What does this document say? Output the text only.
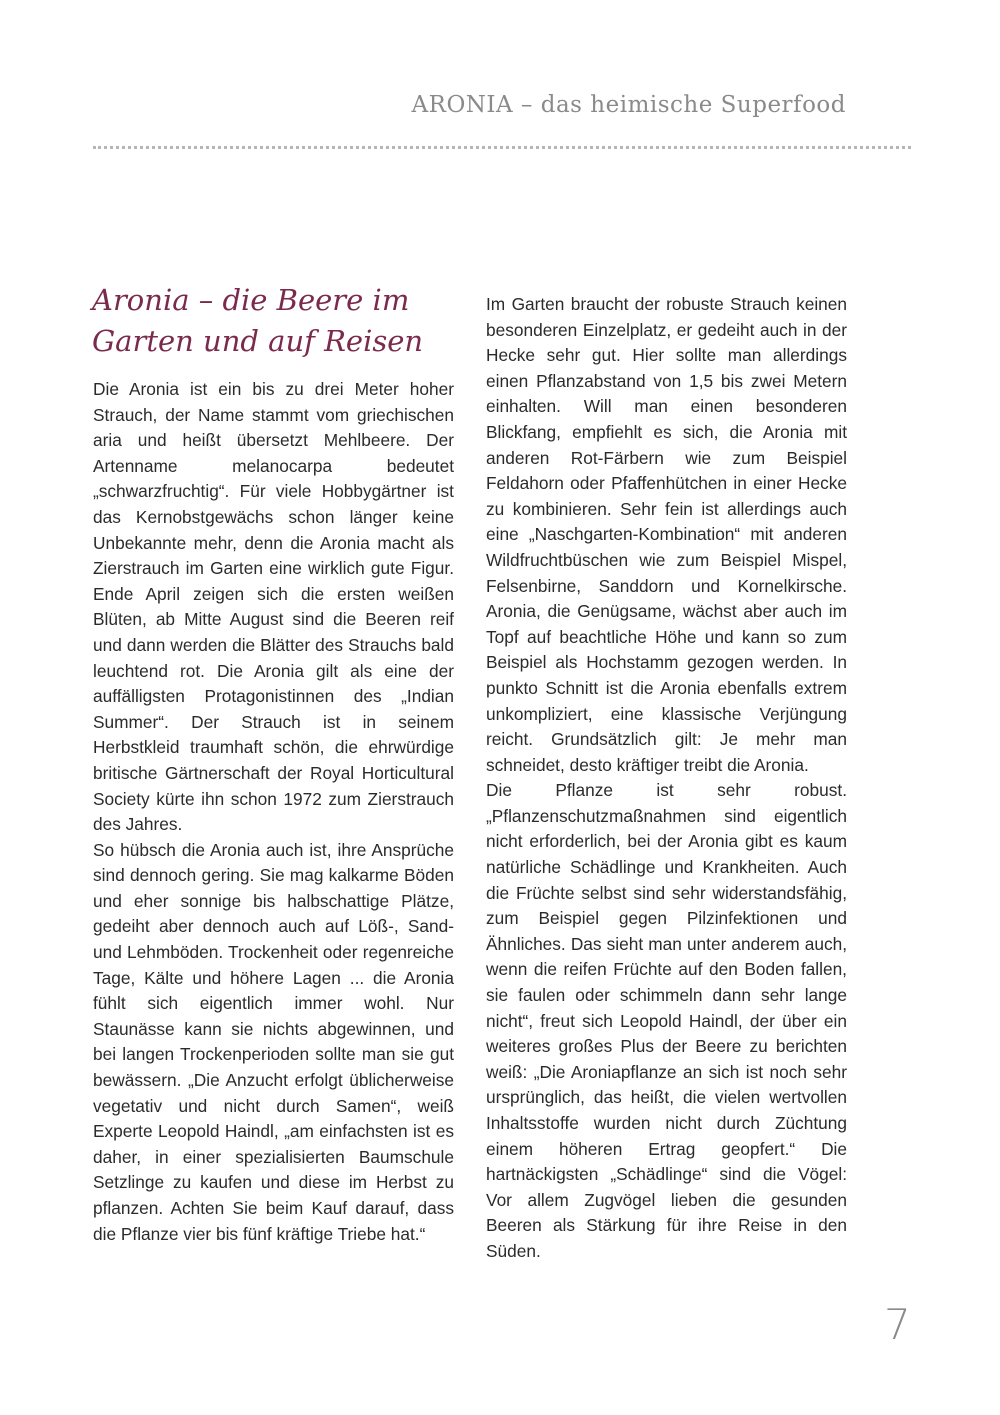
ARONIA – das heimische Superfood
Aronia – die Beere im Garten und auf Reisen

Die Aronia ist ein bis zu drei Meter hoher Strauch, der Name stammt vom griechischen aria und heißt übersetzt Mehlbeere. Der Artenname melanocarpa bedeutet „schwarzfruchtig“. Für viele Hobbygärtner ist das Kernobstgewächs schon länger keine Unbekannte mehr, denn die Aronia macht als Zierstrauch im Garten eine wirklich gute Figur. Ende April zeigen sich die ersten weißen Blüten, ab Mitte August sind die Beeren reif und dann werden die Blätter des Strauchs bald leuchtend rot. Die Aronia gilt als eine der auffälligsten Protagonistinnen des „Indian Summer“. Der Strauch ist in seinem Herbstkleid traumhaft schön, die ehrwürdige britische Gärtnerschaft der Royal Horticultural Society kürte ihn schon 1972 zum Zierstrauch des Jahres.

So hübsch die Aronia auch ist, ihre Ansprüche sind dennoch gering. Sie mag kalkarme Böden und eher sonnige bis halbschattige Plätze, gedeiht aber dennoch auch auf Löß-, Sand- und Lehmböden. Trockenheit oder regenreiche Tage, Kälte und höhere Lagen ... die Aronia fühlt sich eigentlich immer wohl. Nur Staunässe kann sie nichts abgewinnen, und bei langen Trockenperioden sollte man sie gut bewässern. „Die Anzucht erfolgt üblicherweise vegetativ und nicht durch Samen“, weiß Experte Leopold Haindl, „am einfachsten ist es daher, in einer spezialisierten Baumschule Setzlinge zu kaufen und diese im Herbst zu pflanzen. Achten Sie beim Kauf darauf, dass die Pflanze vier bis fünf kräftige Triebe hat.“

Im Garten braucht der robuste Strauch keinen besonderen Einzelplatz, er gedeiht auch in der Hecke sehr gut. Hier sollte man allerdings einen Pflanzabstand von 1,5 bis zwei Metern einhalten. Will man einen besonderen Blickfang, empfiehlt es sich, die Aronia mit anderen Rot-Färbern wie zum Beispiel Feldahorn oder Pfaffenhütchen in einer Hecke zu kombinieren. Sehr fein ist allerdings auch eine „Naschgarten-Kombination“ mit anderen Wildfruchtbüschen wie zum Beispiel Mispel, Felsenbirne, Sanddorn und Kornelkirsche. Aronia, die Genügsame, wächst aber auch im Topf auf beachtliche Höhe und kann so zum Beispiel als Hochstamm gezogen werden. In punkto Schnitt ist die Aronia ebenfalls extrem unkompliziert, eine klassische Verjüngung reicht. Grundsätzlich gilt: Je mehr man schneidet, desto kräftiger treibt die Aronia.

Die Pflanze ist sehr robust. „Pflanzenschutzmaßnahmen sind eigentlich nicht erforderlich, bei der Aronia gibt es kaum natürliche Schädlinge und Krankheiten. Auch die Früchte selbst sind sehr widerstandsfähig, zum Beispiel gegen Pilzinfektionen und Ähnliches. Das sieht man unter anderem auch, wenn die reifen Früchte auf den Boden fallen, sie faulen oder schimmeln dann sehr lange nicht“, freut sich Leopold Haindl, der über ein weiteres großes Plus der Beere zu berichten weiß: „Die Aroniapflanze an sich ist noch sehr ursprünglich, das heißt, die vielen wertvollen Inhaltsstoffe wurden nicht durch Züchtung einem höheren Ertrag geopfert.“ Die hartnäckigsten „Schädlinge“ sind die Vögel: Vor allem Zugvögel lieben die gesunden Beeren als Stärkung für ihre Reise in den Süden.

7
